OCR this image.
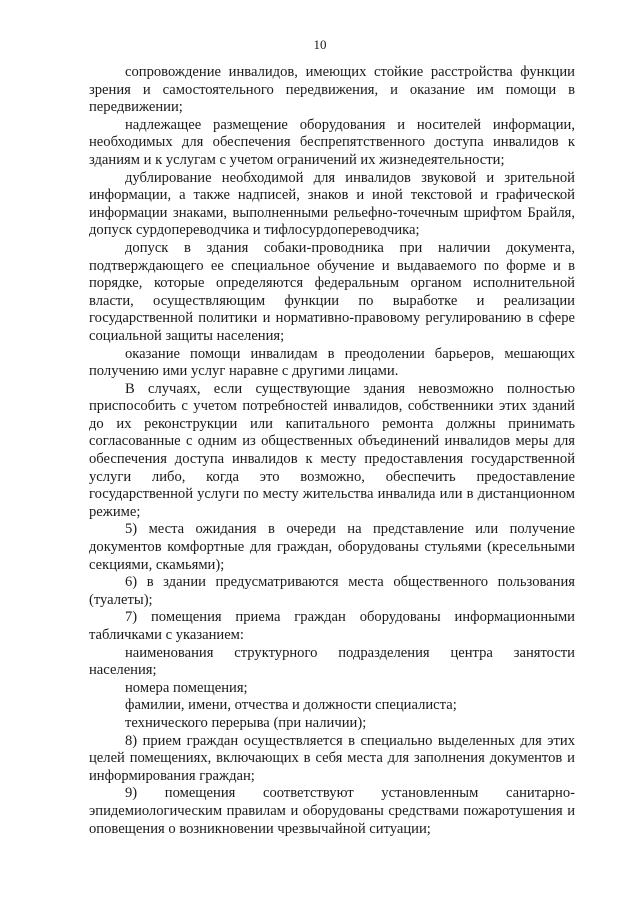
10

сопровождение инвалидов, имеющих стойкие расстройства функции зрения и самостоятельного передвижения, и оказание им помощи в передвижении;

надлежащее размещение оборудования и носителей информации, необходимых для обеспечения беспрепятственного доступа инвалидов к зданиям и к услугам с учетом ограничений их жизнедеятельности;

дублирование необходимой для инвалидов звуковой и зрительной информации, а также надписей, знаков и иной текстовой и графической информации знаками, выполненными рельефно-точечным шрифтом Брайля, допуск сурдопереводчика и тифлосурдопереводчика;

допуск в здания собаки-проводника при наличии документа, подтверждающего ее специальное обучение и выдаваемого по форме и в порядке, которые определяются федеральным органом исполнительной власти, осуществляющим функции по выработке и реализации государственной политики и нормативно-правовому регулированию в сфере социальной защиты населения;

оказание помощи инвалидам в преодолении барьеров, мешающих получению ими услуг наравне с другими лицами.

В случаях, если существующие здания невозможно полностью приспособить с учетом потребностей инвалидов, собственники этих зданий до их реконструкции или капитального ремонта должны принимать согласованные с одним из общественных объединений инвалидов меры для обеспечения доступа инвалидов к месту предоставления государственной услуги либо, когда это возможно, обеспечить предоставление государственной услуги по месту жительства инвалида или в дистанционном режиме;

5) места ожидания в очереди на представление или получение документов комфортные для граждан, оборудованы стульями (кресельными секциями, скамьями);

6) в здании предусматриваются места общественного пользования (туалеты);

7) помещения приема граждан оборудованы информационными табличками с указанием:

наименования структурного подразделения центра занятости населения;

номера помещения;

фамилии, имени, отчества и должности специалиста;

технического перерыва (при наличии);

8) прием граждан осуществляется в специально выделенных для этих целей помещениях, включающих в себя места для заполнения документов и информирования граждан;

9) помещения соответствуют установленным санитарно-эпидемиологическим правилам и оборудованы средствами пожаротушения и оповещения о возникновении чрезвычайной ситуации;
